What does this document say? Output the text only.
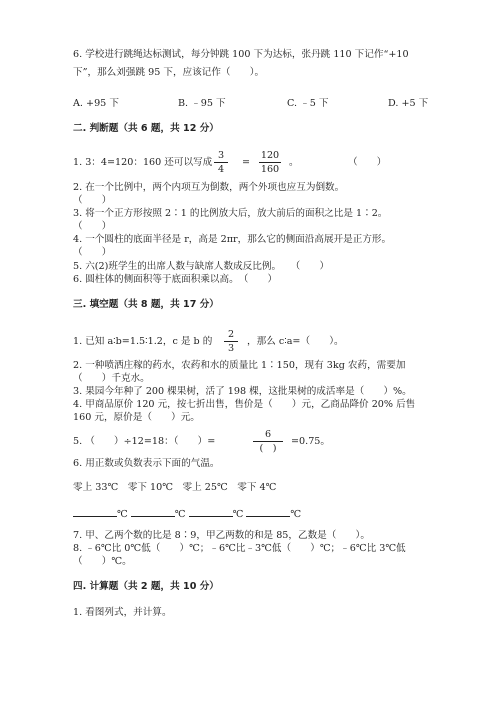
6. 学校进行跳绳达标测试，每分钟跳 100 下为达标，张丹跳 110 下记作“+10
下”，那么刘强跳 95 下，应该记作（　　）。
A. +95 下	B. ﹣95 下	C. ﹣5 下	D. +5 下
二. 判断题（共 6 题，共 12 分）
1. 3：4=120：160 还可以写成
3
4
=
120
160
。	（　　）
2. 在一个比例中，两个内项互为倒数，两个外项也应互为倒数。
（　　）
3. 将一个正方形按照 2∶1 的比例放大后，放大前后的面积之比是 1∶2。
（　　）
4. 一个圆柱的底面半径是 r，高是 2πr，那么它的侧面沿高展开是正方形。
（　　）
5. 六(2)班学生的出席人数与缺席人数成反比例。　　（　　）
6. 圆柱体的侧面积等于底面积乘以高。　（　　）
三. 填空题（共 8 题，共 17 分）
1. 已知 a∶b=1.5∶1.2，c 是 b 的
2
3
，那么 c∶a=（　　）。
2. 一种喷洒庄稼的药水，农药和水的质量比 1∶150，现有 3kg 农药，需要加
（　　）千克水。
3. 果园今年种了 200 棵果树，活了 198 棵，这批果树的成活率是（　　）%。
4. 甲商品原价 120 元，按七折出售，售价是（　　）元，乙商品降价 20% 后售
160 元，原价是（　　）元。
5. （　　）÷12=18：（　　）=
6
(　)
=0.75。
6. 用正数或负数表示下面的气温。
零上 33℃　零下 10℃　零上 25℃　零下 4℃
℃	℃	℃	℃
7. 甲、乙两个数的比是 8∶9，甲乙两数的和是 85，乙数是（　　）。
8. ﹣6℃比 0℃低（　　）℃；﹣6℃比﹣3℃低（　　）℃；﹣6℃比 3℃低
（　　）℃。
四. 计算题（共 2 题，共 10 分）
1. 看图列式，并计算。
